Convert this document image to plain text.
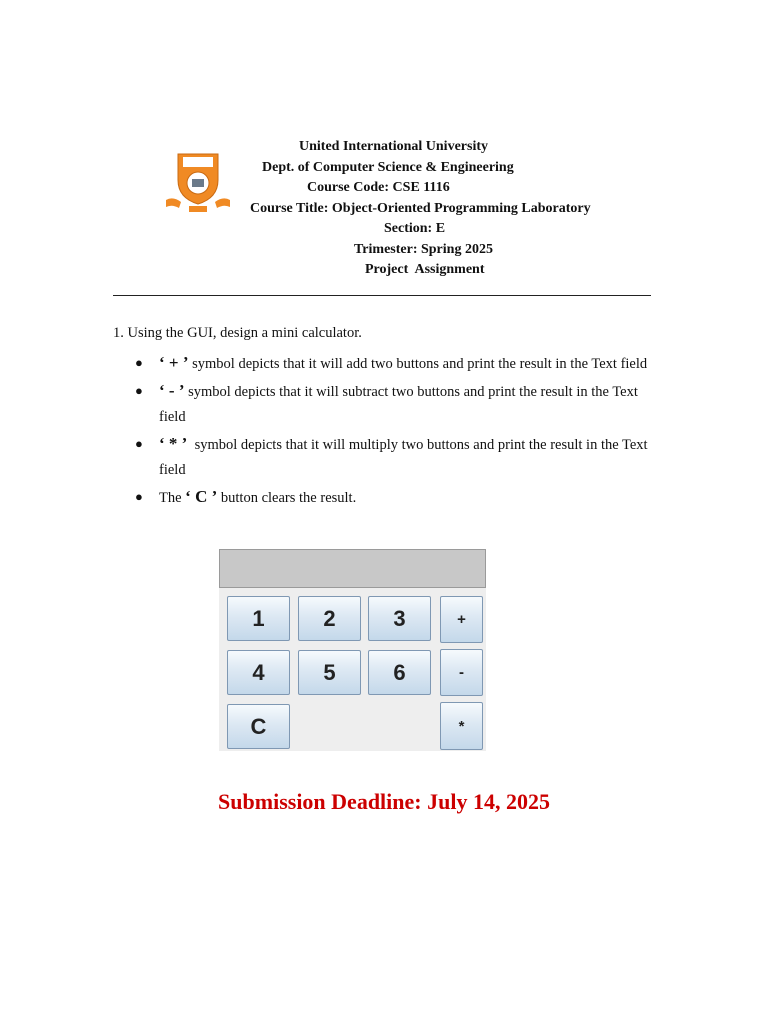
United International University
Dept. of Computer Science & Engineering
Course Code: CSE 1116
Course Title: Object-Oriented Programming Laboratory
Section: E
Trimester: Spring 2025
Project  Assignment
1. Using the GUI, design a mini calculator.
● ‘ + ’ symbol depicts that it will add two buttons and print the result in the Text field
● ‘ - ’ symbol depicts that it will subtract two buttons and print the result in the Text field
● ‘ * ’  symbol depicts that it will multiply two buttons and print the result in the Text field
● The ‘ C ’ button clears the result.
1	2	3	+
4	5	6	-
C	*
Submission Deadline: July 14, 2025
